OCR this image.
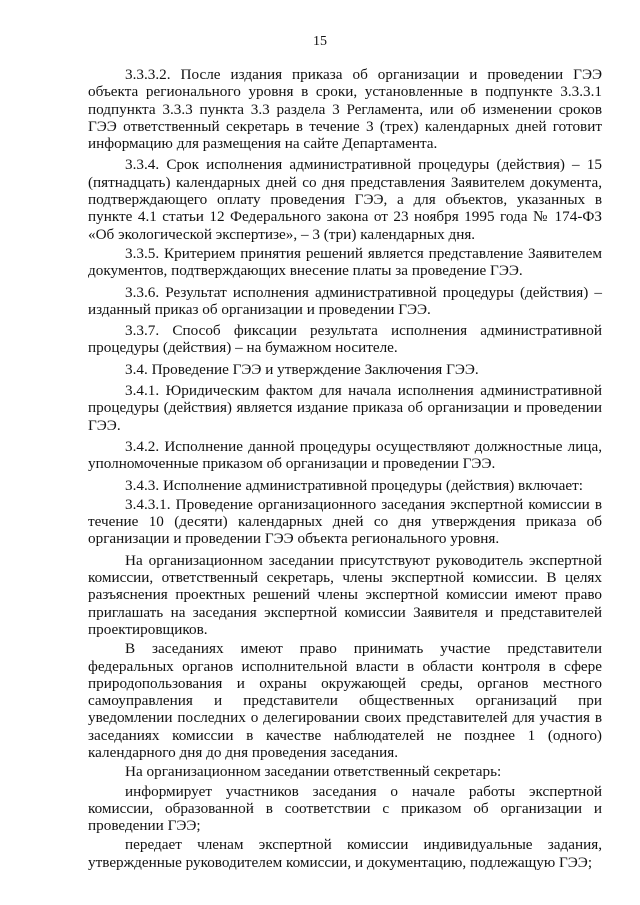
15

3.3.3.2. После издания приказа об организации и проведении ГЭЭ объекта регионального уровня в сроки, установленные в подпункте 3.3.3.1 подпункта 3.3.3 пункта 3.3 раздела 3 Регламента, или об изменении сроков ГЭЭ ответственный секретарь в течение 3 (трех) календарных дней готовит информацию для размещения на сайте Департамента.

3.3.4. Срок исполнения административной процедуры (действия) – 15 (пятнадцать) календарных дней со дня представления Заявителем документа, подтверждающего оплату проведения ГЭЭ, а для объектов, указанных в пункте 4.1 статьи 12 Федерального закона от 23 ноября 1995 года № 174-ФЗ «Об экологической экспертизе», – 3 (три) календарных дня.

3.3.5. Критерием принятия решений является представление Заявителем документов, подтверждающих внесение платы за проведение ГЭЭ.

3.3.6. Результат исполнения административной процедуры (действия) – изданный приказ об организации и проведении ГЭЭ.

3.3.7. Способ фиксации результата исполнения административной процедуры (действия) – на бумажном носителе.

3.4. Проведение ГЭЭ и утверждение Заключения ГЭЭ.

3.4.1. Юридическим фактом для начала исполнения административной процедуры (действия) является издание приказа об организации и проведении ГЭЭ.

3.4.2. Исполнение данной процедуры осуществляют должностные лица, уполномоченные приказом об организации и проведении ГЭЭ.

3.4.3. Исполнение административной процедуры (действия) включает:

3.4.3.1. Проведение организационного заседания экспертной комиссии в течение 10 (десяти) календарных дней со дня утверждения приказа об организации и проведении ГЭЭ объекта регионального уровня.

На организационном заседании присутствуют руководитель экспертной комиссии, ответственный секретарь, члены экспертной комиссии. В целях разъяснения проектных решений члены экспертной комиссии имеют право приглашать на заседания экспертной комиссии Заявителя и представителей проектировщиков.

В заседаниях имеют право принимать участие представители федеральных органов исполнительной власти в области контроля в сфере природопользования и охраны окружающей среды, органов местного самоуправления и представители общественных организаций при уведомлении последних о делегировании своих представителей для участия в заседаниях комиссии в качестве наблюдателей не позднее 1 (одного) календарного дня до дня проведения заседания.

На организационном заседании ответственный секретарь:

информирует участников заседания о начале работы экспертной комиссии, образованной в соответствии с приказом об организации и проведении ГЭЭ;

передает членам экспертной комиссии индивидуальные задания, утвержденные руководителем комиссии, и документацию, подлежащую ГЭЭ;
